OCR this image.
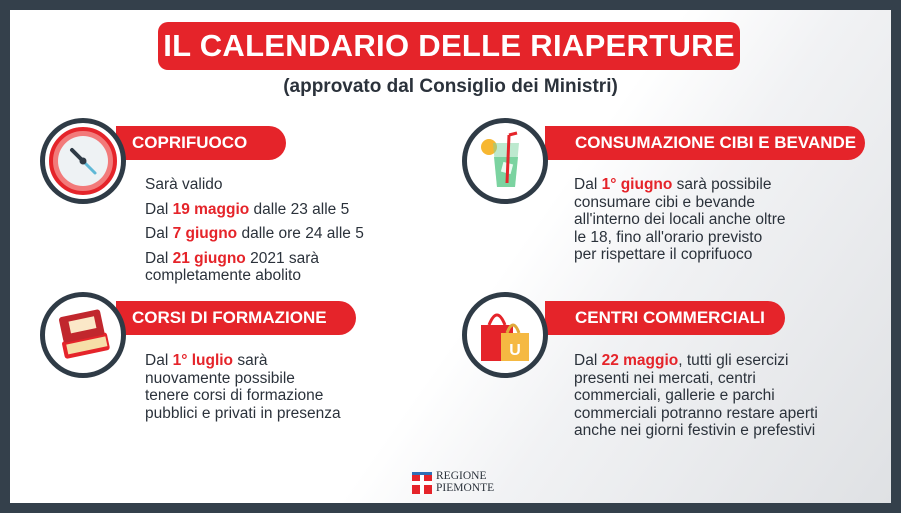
IL CALENDARIO DELLE RIAPERTURE
(approvato dal Consiglio dei Ministri)
COPRIFUOCO
Sarà valido
Dal 19 maggio dalle 23 alle 5
Dal 7 giugno dalle ore 24 alle 5
Dal 21 giugno 2021 sarà
completamente abolito
CORSI DI FORMAZIONE
Dal 1° luglio sarà
nuovamente possibile
tenere corsi di formazione
pubblici e privati in presenza
CONSUMAZIONE CIBI E BEVANDE
Dal 1° giugno sarà possibile
consumare cibi e bevande
all'interno dei locali anche oltre
le 18, fino all'orario previsto
per rispettare il coprifuoco
CENTRI COMMERCIALI
U
Dal 22 maggio, tutti gli esercizi
presenti nei mercati, centri
commerciali, gallerie e parchi
commerciali potranno restare aperti
anche nei giorni festivin e prefestivi
REGIONE
PIEMONTE
